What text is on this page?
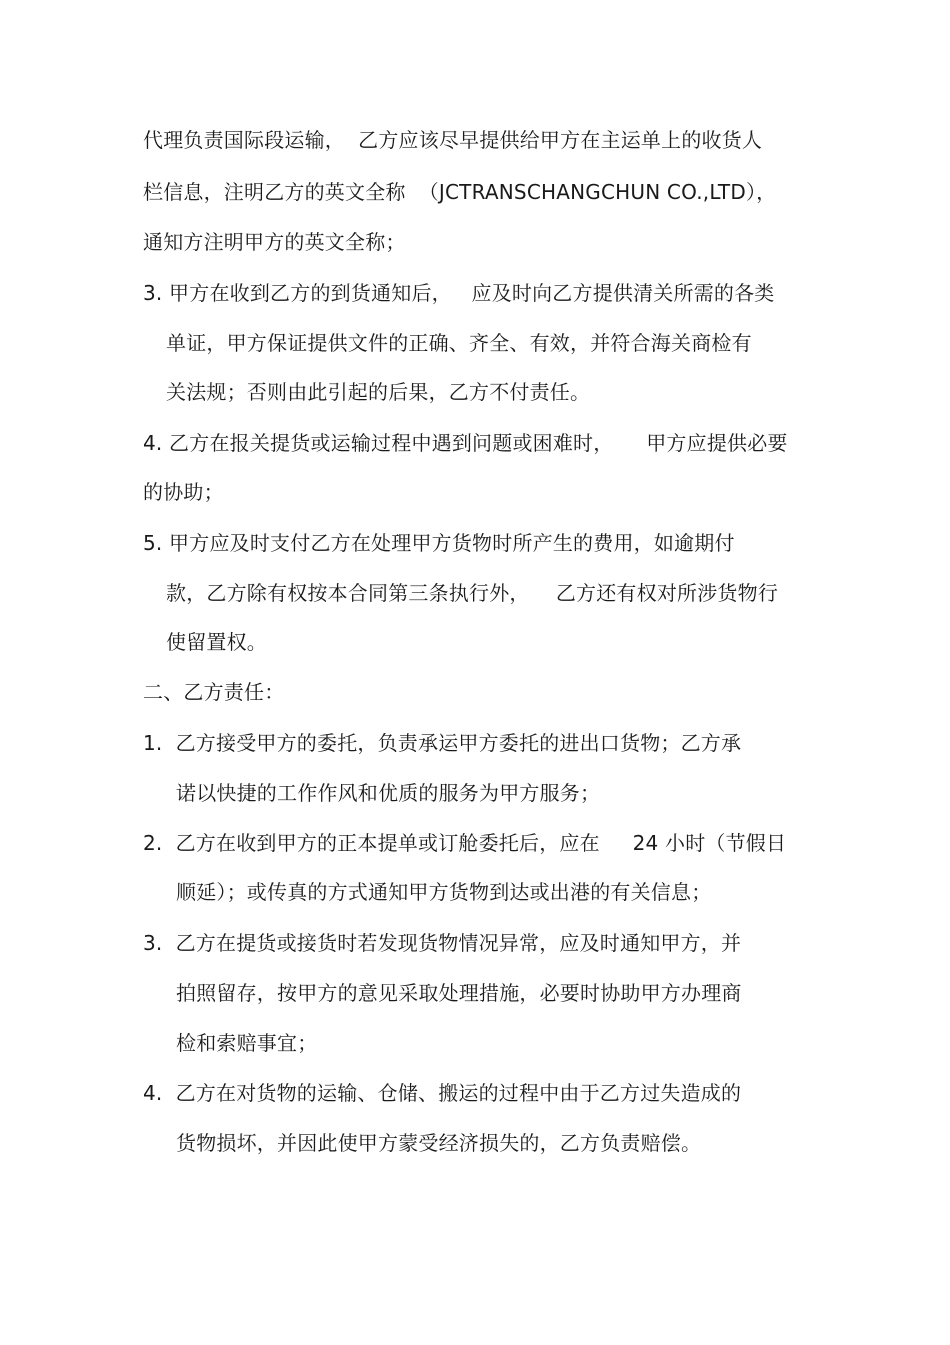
代理负责国际段运输，  乙方应该尽早提供给甲方在主运单上的收货人
栏信息，注明乙方的英文全称  （JCTRANSCHANGCHUN CO.,LTD），
通知方注明甲方的英文全称；
3. 甲方在收到乙方的到货通知后，   应及时向乙方提供清关所需的各类
单证，甲方保证提供文件的正确、齐全、有效，并符合海关商检有
关法规；否则由此引起的后果，乙方不付责任。
4. 乙方在报关提货或运输过程中遇到问题或困难时，     甲方应提供必要
的协助；
5. 甲方应及时支付乙方在处理甲方货物时所产生的费用，如逾期付
款，乙方除有权按本合同第三条执行外，    乙方还有权对所涉货物行
使留置权。
二、乙方责任：
1.  乙方接受甲方的委托，负责承运甲方委托的进出口货物；乙方承
诺以快捷的工作作风和优质的服务为甲方服务；
2.  乙方在收到甲方的正本提单或订舱委托后，应在     24 小时（节假日
顺延）；或传真的方式通知甲方货物到达或出港的有关信息；
3.  乙方在提货或接货时若发现货物情况异常，应及时通知甲方，并
拍照留存，按甲方的意见采取处理措施，必要时协助甲方办理商
检和索赔事宜；
4.  乙方在对货物的运输、仓储、搬运的过程中由于乙方过失造成的
货物损坏，并因此使甲方蒙受经济损失的，乙方负责赔偿。
